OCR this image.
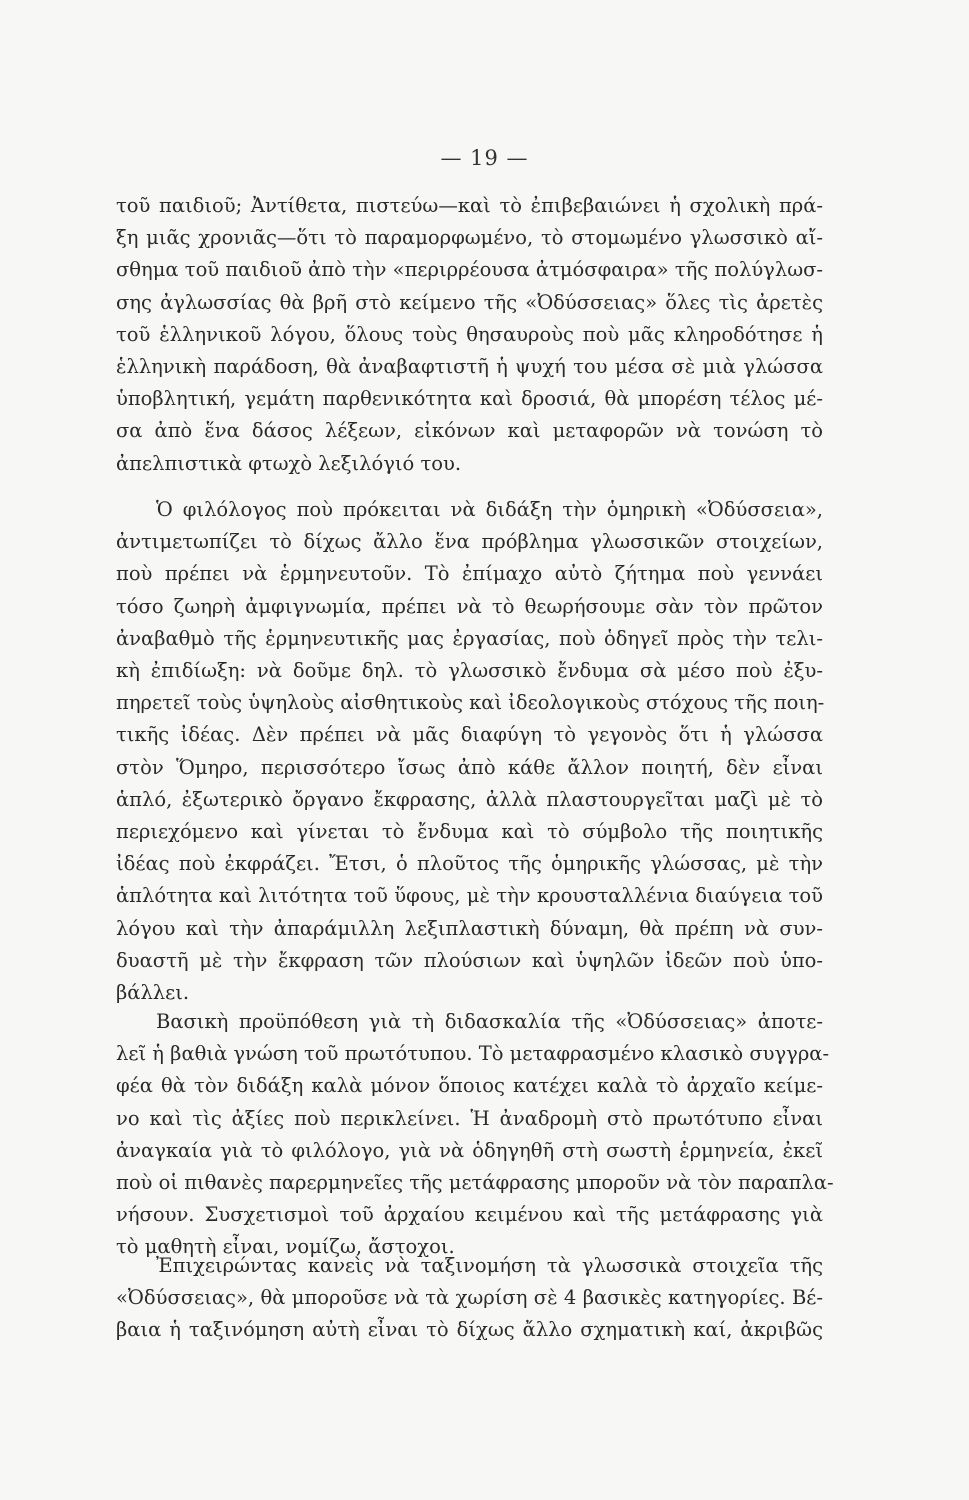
— 19 —
τοῦ παιδιοῦ; Ἀντίθετα, πιστεύω—καὶ τὸ ἐπιβεβαιώνει ἡ σχολικὴ πρά-
ξη μιᾶς χρονιᾶς—ὅτι τὸ παραμορφωμένο, τὸ στομωμένο γλωσσικὸ αἴ-
σθημα τοῦ παιδιοῦ ἀπὸ τὴν «περιρρέουσα ἀτμόσφαιρα» τῆς πολύγλωσ-
σης ἀγλωσσίας θὰ βρῆ στὸ κείμενο τῆς «Ὀδύσσειας» ὅλες τὶς ἀρετὲς
τοῦ ἑλληνικοῦ λόγου, ὅλους τοὺς θησαυροὺς ποὺ μᾶς κληροδότησε ἡ
ἑλληνικὴ παράδοση, θὰ ἀναβαφτιστῆ ἡ ψυχή του μέσα σὲ μιὰ γλώσσα
ὑποβλητική, γεμάτη παρθενικότητα καὶ δροσιά, θὰ μπορέση τέλος μέ-
σα ἀπὸ ἕνα δάσος λέξεων, εἰκόνων καὶ μεταφορῶν νὰ τονώση τὸ
ἀπελπιστικὰ φτωχὸ λεξιλόγιό του.
Ὁ φιλόλογος ποὺ πρόκειται νὰ διδάξη τὴν ὁμηρικὴ «Ὀδύσσεια»,
ἀντιμετωπίζει τὸ δίχως ἄλλο ἕνα πρόβλημα γλωσσικῶν στοιχείων,
ποὺ πρέπει νὰ ἑρμηνευτοῦν. Τὸ ἐπίμαχο αὐτὸ ζήτημα ποὺ γεννάει
τόσο ζωηρὴ ἀμφιγνωμία, πρέπει νὰ τὸ θεωρήσουμε σὰν τὸν πρῶτον
ἀναβαθμὸ τῆς ἑρμηνευτικῆς μας ἐργασίας, ποὺ ὁδηγεῖ πρὸς τὴν τελι-
κὴ ἐπιδίωξη: νὰ δοῦμε δηλ. τὸ γλωσσικὸ ἔνδυμα σὰ μέσο ποὺ ἐξυ-
πηρετεῖ τοὺς ὑψηλοὺς αἰσθητικοὺς καὶ ἰδεολογικοὺς στόχους τῆς ποιη-
τικῆς ἰδέας. Δὲν πρέπει νὰ μᾶς διαφύγη τὸ γεγονὸς ὅτι ἡ γλώσσα
στὸν Ὅμηρο, περισσότερο ἴσως ἀπὸ κάθε ἄλλον ποιητή, δὲν εἶναι
ἁπλό, ἐξωτερικὸ ὄργανο ἔκφρασης, ἀλλὰ πλαστουργεῖται μαζὶ μὲ τὸ
περιεχόμενο καὶ γίνεται τὸ ἔνδυμα καὶ τὸ σύμβολο τῆς ποιητικῆς
ἰδέας ποὺ ἐκφράζει. Ἔτσι, ὁ πλοῦτος τῆς ὁμηρικῆς γλώσσας, μὲ τὴν
ἁπλότητα καὶ λιτότητα τοῦ ὕφους, μὲ τὴν κρουσταλλένια διαύγεια τοῦ
λόγου καὶ τὴν ἀπαράμιλλη λεξιπλαστικὴ δύναμη, θὰ πρέπη νὰ συν-
δυαστῆ μὲ τὴν ἔκφραση τῶν πλούσιων καὶ ὑψηλῶν ἰδεῶν ποὺ ὑπο-
βάλλει.
Βασικὴ προϋπόθεση γιὰ τὴ διδασκαλία τῆς «Ὀδύσσειας» ἀποτε-
λεῖ ἡ βαθιὰ γνώση τοῦ πρωτότυπου. Τὸ μεταφρασμένο κλασικὸ συγγρα-
φέα θὰ τὸν διδάξη καλὰ μόνον ὅποιος κατέχει καλὰ τὸ ἀρχαῖο κείμε-
νο καὶ τὶς ἀξίες ποὺ περικλείνει. Ἡ ἀναδρομὴ στὸ πρωτότυπο εἶναι
ἀναγκαία γιὰ τὸ φιλόλογο, γιὰ νὰ ὁδηγηθῆ στὴ σωστὴ ἑρμηνεία, ἐκεῖ
ποὺ οἱ πιθανὲς παρερμηνεῖες τῆς μετάφρασης μποροῦν νὰ τὸν παραπλα-
νήσουν. Συσχετισμοὶ τοῦ ἀρχαίου κειμένου καὶ τῆς μετάφρασης γιὰ
τὸ μαθητὴ εἶναι, νομίζω, ἄστοχοι.
Ἐπιχειρώντας κανεὶς νὰ ταξινομήση τὰ γλωσσικὰ στοιχεῖα τῆς
«Ὀδύσσειας», θὰ μποροῦσε νὰ τὰ χωρίση σὲ 4 βασικὲς κατηγορίες. Βέ-
βαια ἡ ταξινόμηση αὐτὴ εἶναι τὸ δίχως ἄλλο σχηματικὴ καί, ἀκριβῶς
